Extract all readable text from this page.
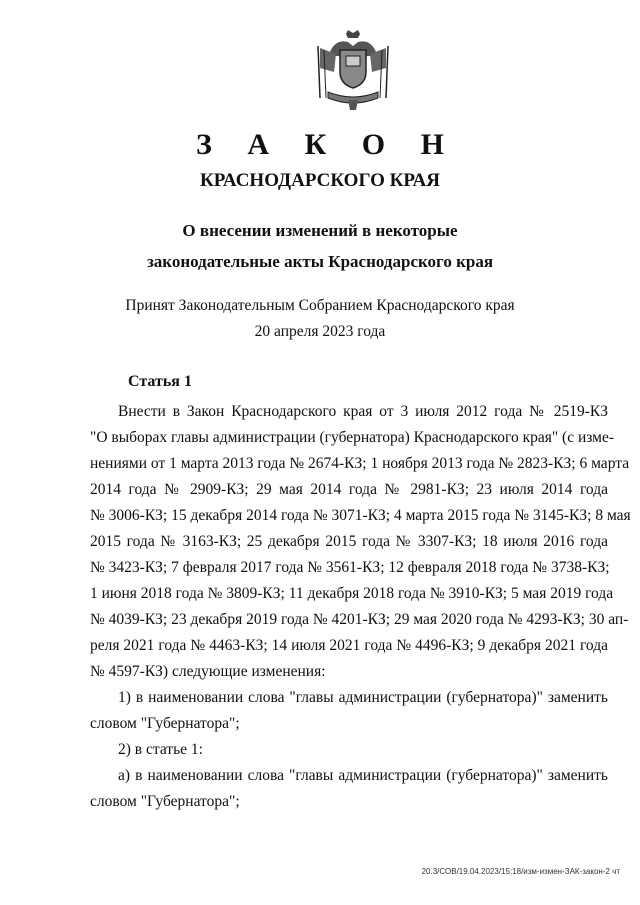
З А К О Н
КРАСНОДАРСКОГО КРАЯ
О внесении изменений в некоторые
законодательные акты Краснодарского края
Принят Законодательным Собранием Краснодарского края
20 апреля 2023 года
Статья 1
Внести в Закон Краснодарского края от 3 июля 2012 года № 2519-КЗ
"О выборах главы администрации (губернатора) Краснодарского края" (с изме-
нениями от 1 марта 2013 года № 2674-КЗ; 1 ноября 2013 года № 2823-КЗ; 6 марта
2014 года № 2909-КЗ; 29 мая 2014 года № 2981-КЗ; 23 июля 2014 года
№ 3006-КЗ; 15 декабря 2014 года № 3071-КЗ; 4 марта 2015 года № 3145-КЗ; 8 мая
2015 года № 3163-КЗ; 25 декабря 2015 года № 3307-КЗ; 18 июля 2016 года
№ 3423-КЗ; 7 февраля 2017 года № 3561-КЗ; 12 февраля 2018 года № 3738-КЗ;
1 июня 2018 года № 3809-КЗ; 11 декабря 2018 года № 3910-КЗ; 5 мая 2019 года
№ 4039-КЗ; 23 декабря 2019 года № 4201-КЗ; 29 мая 2020 года № 4293-КЗ; 30 ап-
реля 2021 года № 4463-КЗ; 14 июля 2021 года № 4496-КЗ; 9 декабря 2021 года
№ 4597-КЗ) следующие изменения:
1) в наименовании слова "главы администрации (губернатора)" заменить
словом "Губернатора";
2) в статье 1:
а) в наименовании слова "главы администрации (губернатора)" заменить
словом "Губернатора";
20.3/СОВ/19.04.2023/15:18/изм-измен-ЗАК-закон-2 чт
